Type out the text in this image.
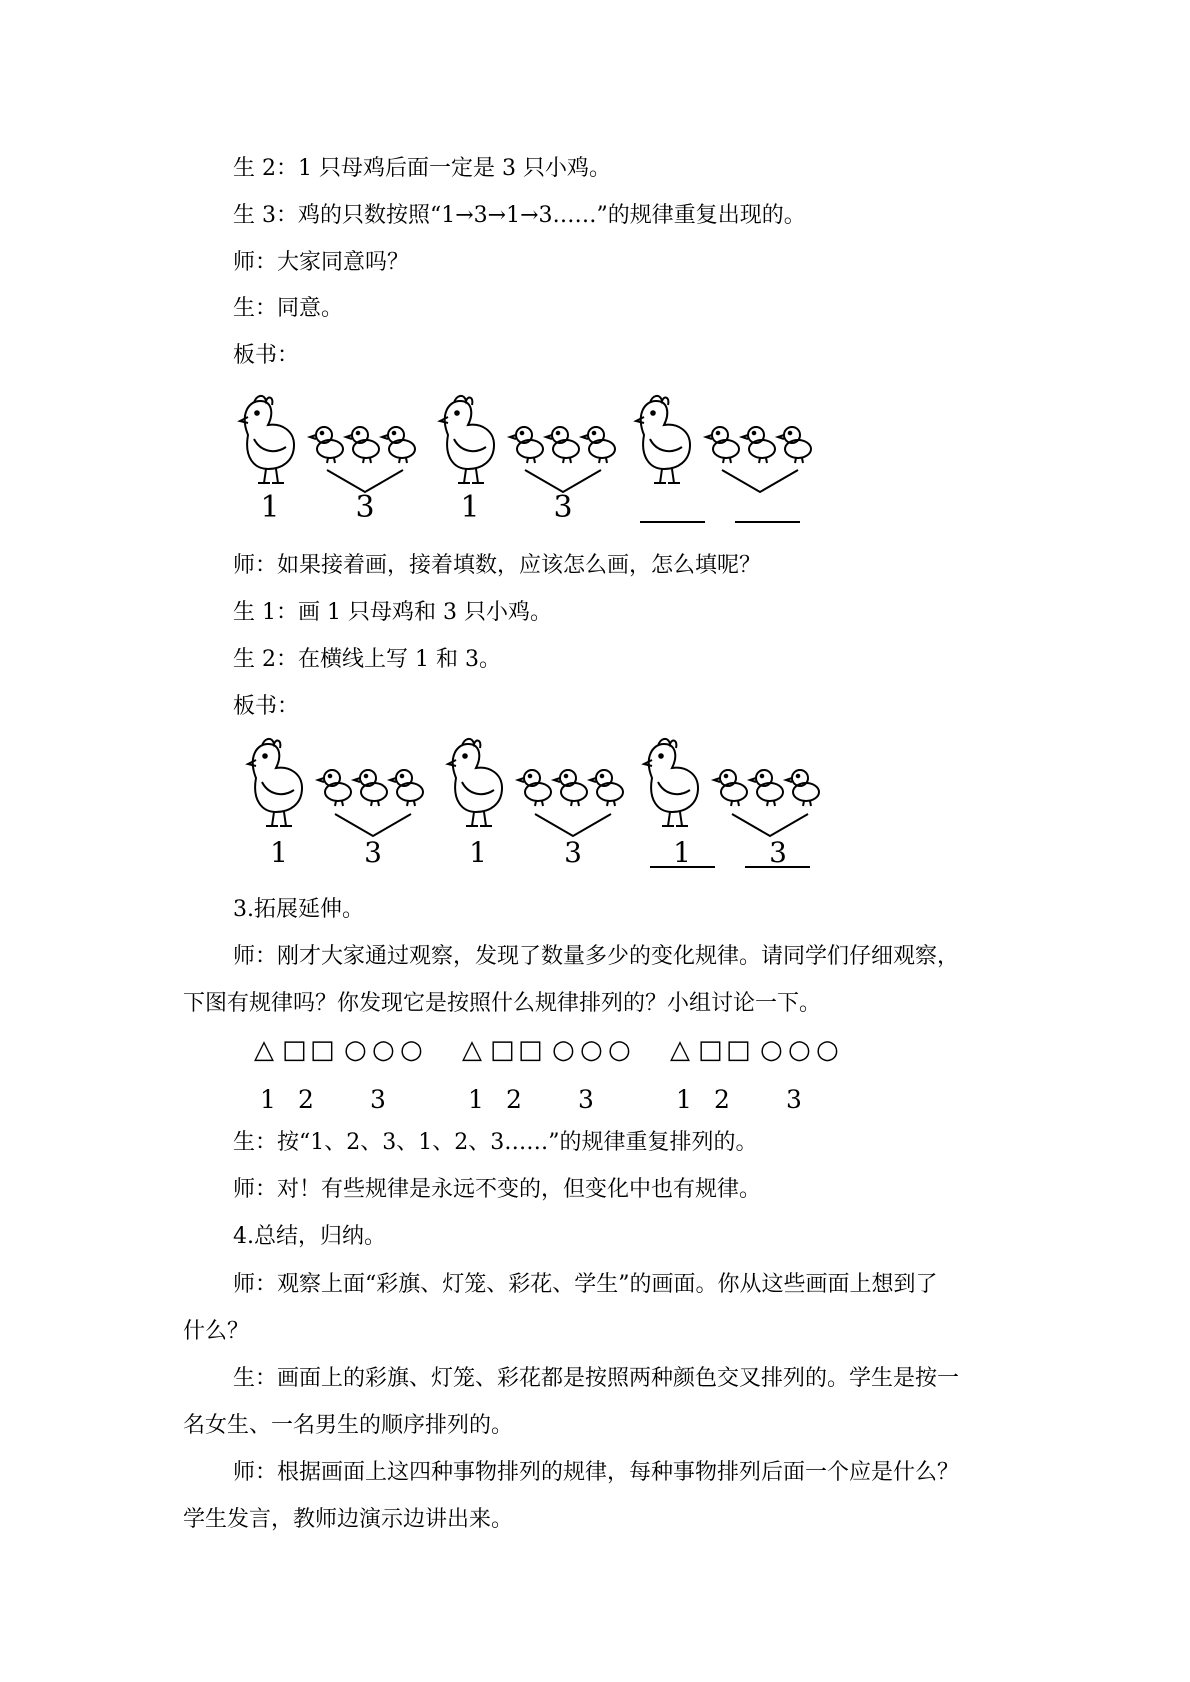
生 2：1 只母鸡后面一定是 3 只小鸡。
生 3：鸡的只数按照“1→3→1→3……”的规律重复出现的。
师：大家同意吗？
生：同意。
板书：
1	3	1 3
师：如果接着画，接着填数，应该怎么画，怎么填呢？
生 1：画 1 只母鸡和 3 只小鸡。
生 2：在横线上写 1 和 3。
板书：
1	3	1	3	1	3
3.拓展延伸。
师：刚才大家通过观察，发现了数量多少的变化规律。请同学们仔细观察，
下图有规律吗？你发现它是按照什么规律排列的？小组讨论一下。
△ □ □ ○ ○ ○
1 2 3
△ □ □ ○ ○ ○
1 2 3
△ □ □ ○ ○ ○
1 2 3
生：按“1、2、3、1、2、3……”的规律重复排列的。
师：对！有些规律是永远不变的，但变化中也有规律。
4.总结，归纳。
师：观察上面“彩旗、灯笼、彩花、学生”的画面。你从这些画面上想到了
什么？
生：画面上的彩旗、灯笼、彩花都是按照两种颜色交叉排列的。学生是按一
名女生、一名男生的顺序排列的。
师：根据画面上这四种事物排列的规律，每种事物排列后面一个应是什么？
学生发言，教师边演示边讲出来。
